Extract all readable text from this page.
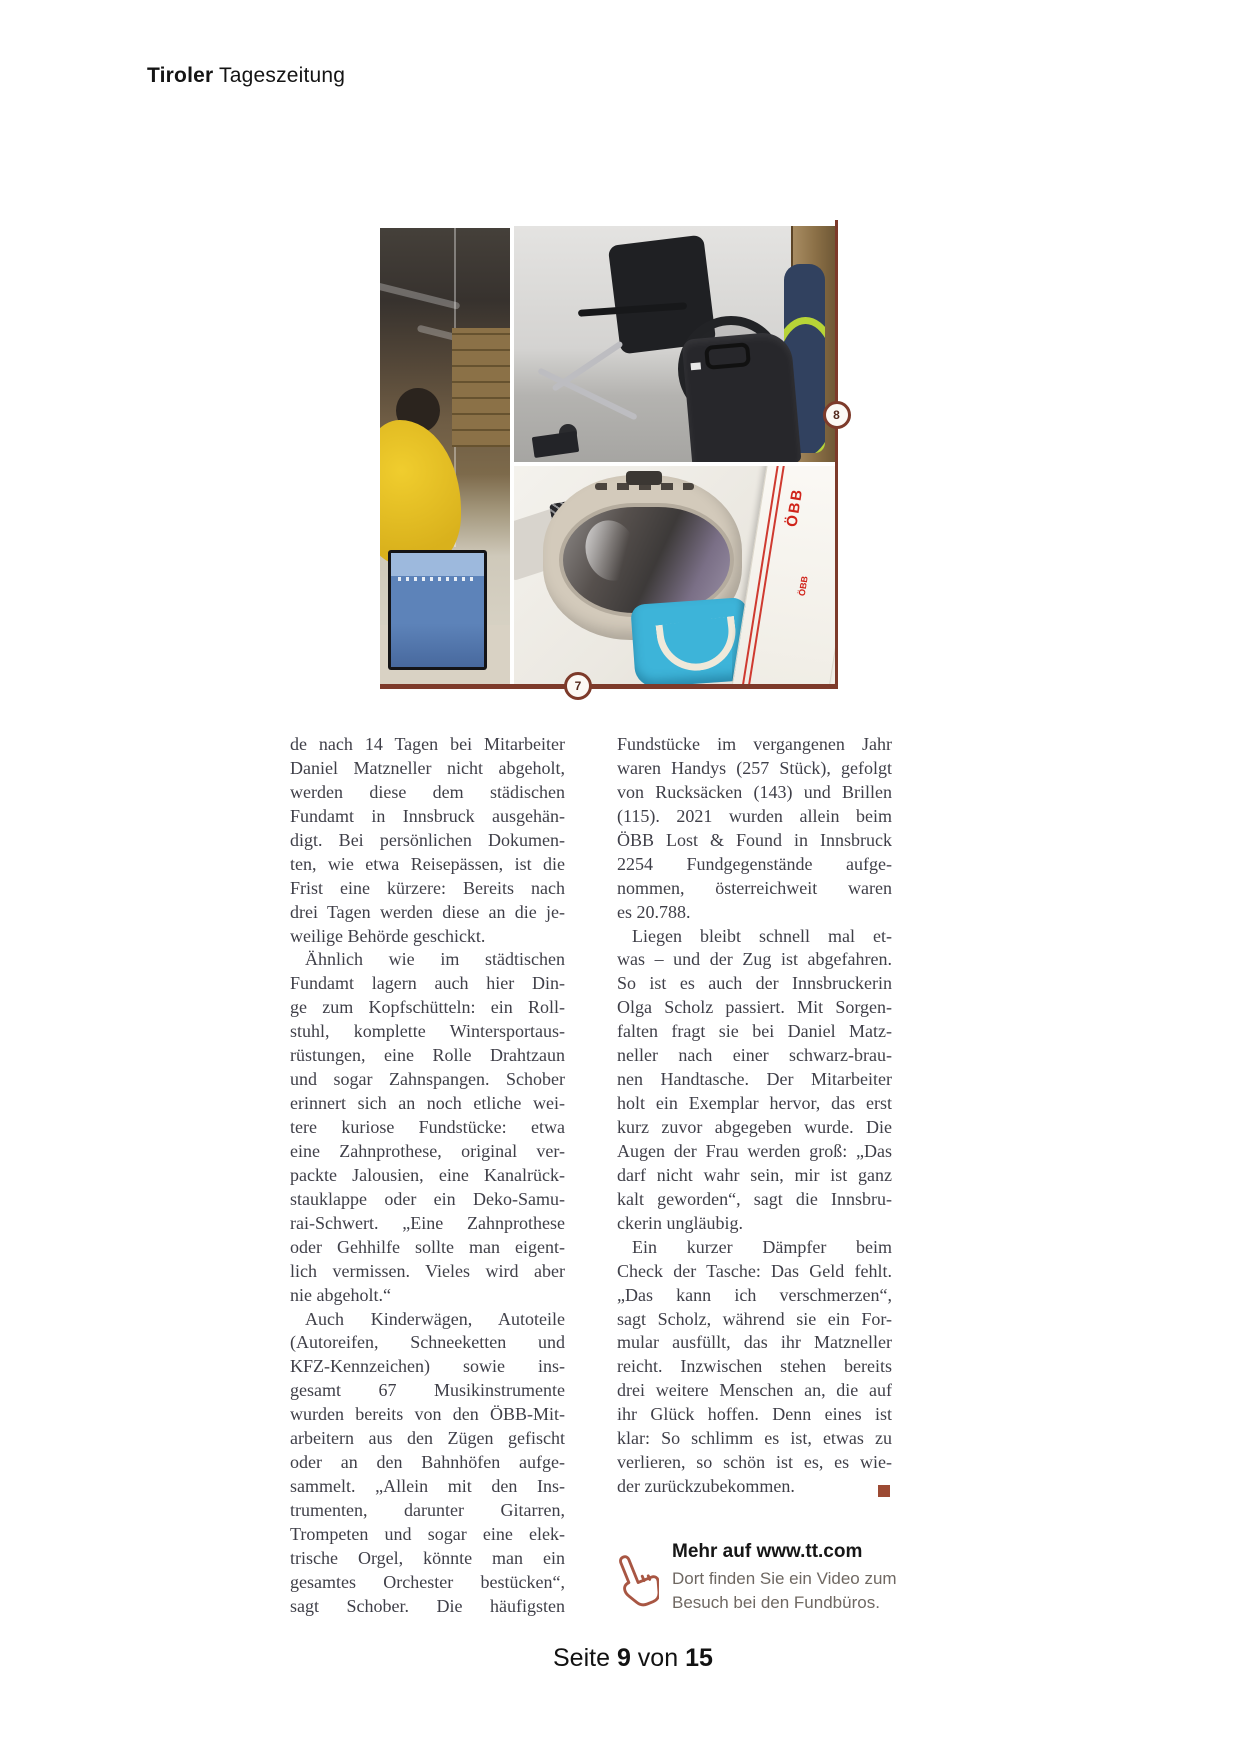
Tiroler Tageszeitung
ÖBB
ÖBB
8
7
de nach 14 Tagen bei Mitarbeiter
Daniel Matzneller nicht abgeholt,
werden diese dem städischen
Fundamt in Innsbruck ausgehän-
digt. Bei persönlichen Dokumen-
ten, wie etwa Reisepässen, ist die
Frist eine kürzere: Bereits nach
drei Tagen werden diese an die je-
weilige Behörde geschickt.
Ähnlich wie im städtischen
Fundamt lagern auch hier Din-
ge zum Kopfschütteln: ein Roll-
stuhl, komplette Wintersportaus-
rüstungen, eine Rolle Drahtzaun
und sogar Zahnspangen. Schober
erinnert sich an noch etliche wei-
tere kuriose Fundstücke: etwa
eine Zahnprothese, original ver-
packte Jalousien, eine Kanalrück-
stauklappe oder ein Deko-Samu-
rai-Schwert. „Eine Zahnprothese
oder Gehhilfe sollte man eigent-
lich vermissen. Vieles wird aber
nie abgeholt.“
Auch Kinderwägen, Autoteile
(Autoreifen, Schneeketten und
KFZ-Kennzeichen) sowie ins-
gesamt 67 Musikinstrumente
wurden bereits von den ÖBB-Mit-
arbeitern aus den Zügen gefischt
oder an den Bahnhöfen aufge-
sammelt. „Allein mit den Ins-
trumenten, darunter Gitarren,
Trompeten und sogar eine elek-
trische Orgel, könnte man ein
gesamtes Orchester bestücken“,
sagt Schober. Die häufigsten
Fundstücke im vergangenen Jahr
waren Handys (257 Stück), gefolgt
von Rucksäcken (143) und Brillen
(115). 2021 wurden allein beim
ÖBB Lost & Found in Innsbruck
2254 Fundgegenstände aufge-
nommen, österreichweit waren
es 20.788.
Liegen bleibt schnell mal et-
was – und der Zug ist abgefahren.
So ist es auch der Innsbruckerin
Olga Scholz passiert. Mit Sorgen-
falten fragt sie bei Daniel Matz-
neller nach einer schwarz-brau-
nen Handtasche. Der Mitarbeiter
holt ein Exemplar hervor, das erst
kurz zuvor abgegeben wurde. Die
Augen der Frau werden groß: „Das
darf nicht wahr sein, mir ist ganz
kalt geworden“, sagt die Innsbru-
ckerin ungläubig.
Ein kurzer Dämpfer beim
Check der Tasche: Das Geld fehlt.
„Das kann ich verschmerzen“,
sagt Scholz, während sie ein For-
mular ausfüllt, das ihr Matzneller
reicht. Inzwischen stehen bereits
drei weitere Menschen an, die auf
ihr Glück hoffen. Denn eines ist
klar: So schlimm es ist, etwas zu
verlieren, so schön ist es, es wie-
der zurückzubekommen.
Mehr auf www.tt.com
Dort finden Sie ein Video zum
Besuch bei den Fundbüros.
Seite 9 von 15
